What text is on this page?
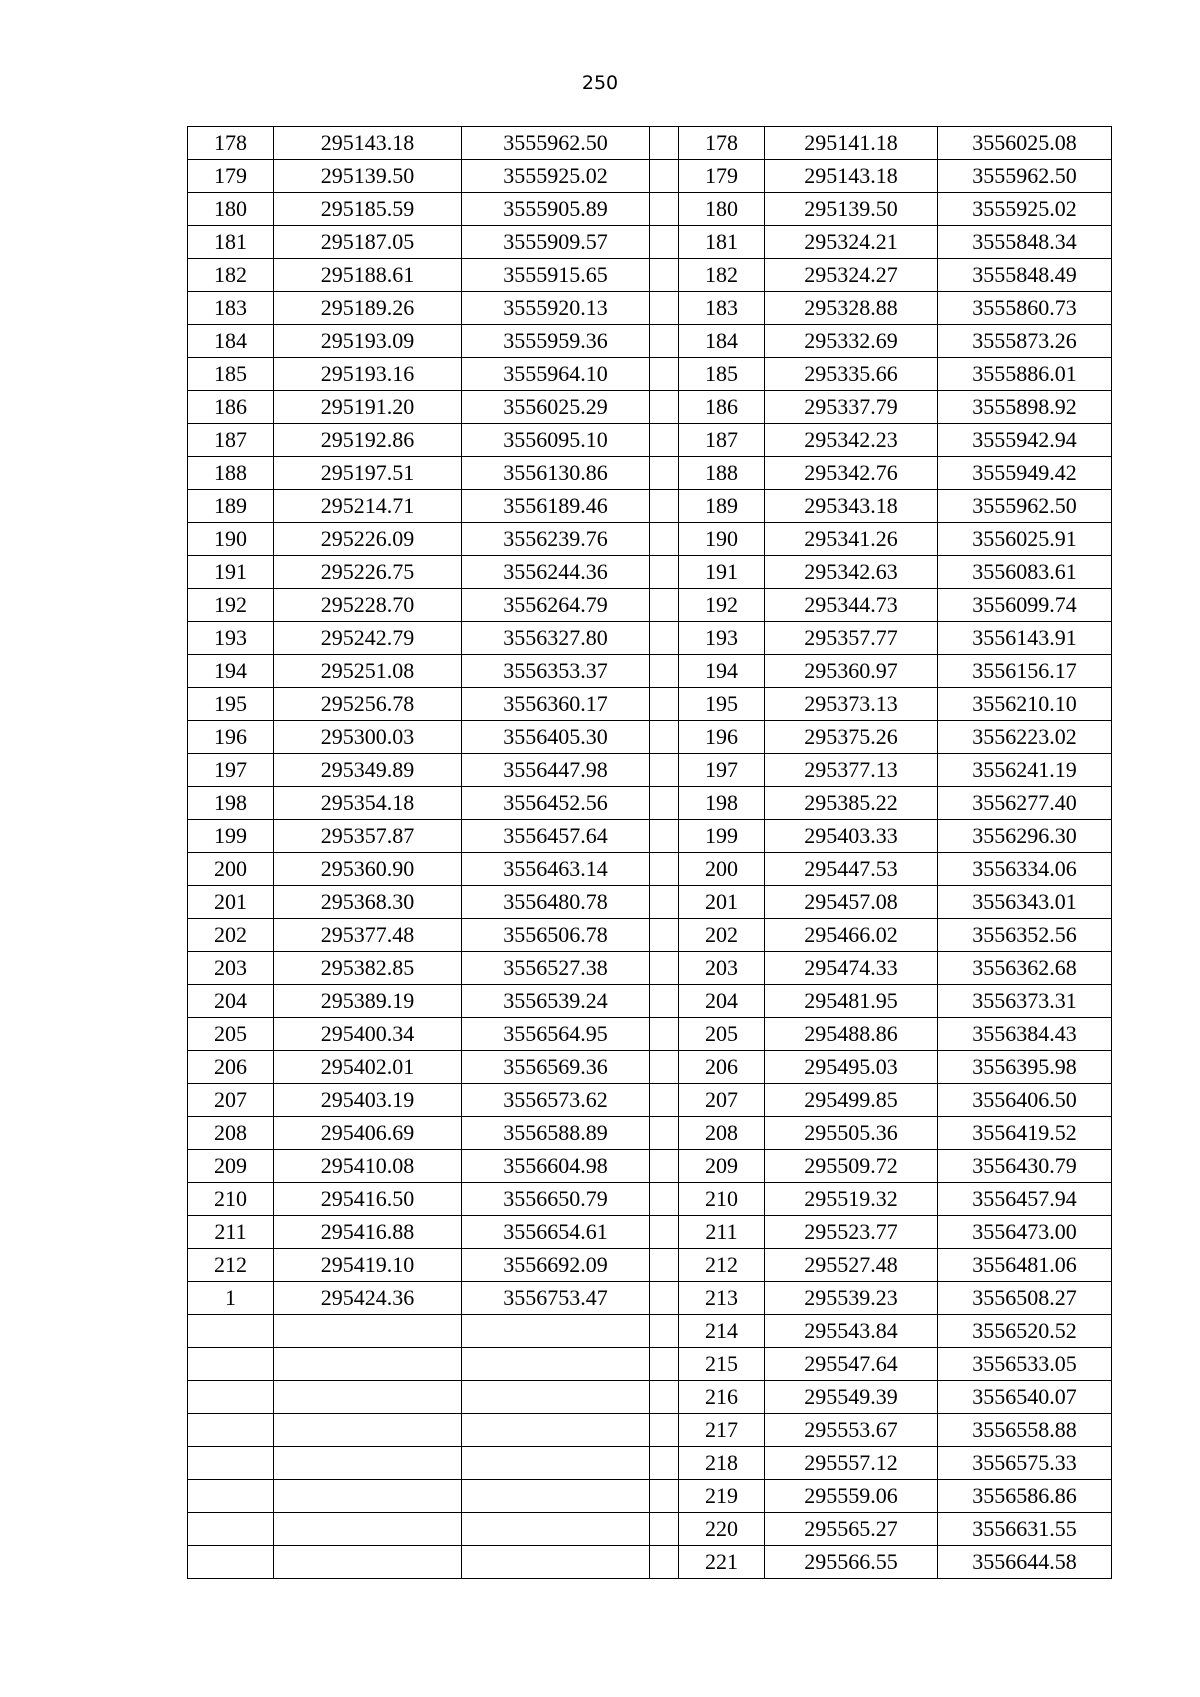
250
178	295143.18	3555962.50		178	295141.18	3556025.08
179	295139.50	3555925.02		179	295143.18	3555962.50
180	295185.59	3555905.89		180	295139.50	3555925.02
181	295187.05	3555909.57		181	295324.21	3555848.34
182	295188.61	3555915.65		182	295324.27	3555848.49
183	295189.26	3555920.13		183	295328.88	3555860.73
184	295193.09	3555959.36		184	295332.69	3555873.26
185	295193.16	3555964.10		185	295335.66	3555886.01
186	295191.20	3556025.29		186	295337.79	3555898.92
187	295192.86	3556095.10		187	295342.23	3555942.94
188	295197.51	3556130.86		188	295342.76	3555949.42
189	295214.71	3556189.46		189	295343.18	3555962.50
190	295226.09	3556239.76		190	295341.26	3556025.91
191	295226.75	3556244.36		191	295342.63	3556083.61
192	295228.70	3556264.79		192	295344.73	3556099.74
193	295242.79	3556327.80		193	295357.77	3556143.91
194	295251.08	3556353.37		194	295360.97	3556156.17
195	295256.78	3556360.17		195	295373.13	3556210.10
196	295300.03	3556405.30		196	295375.26	3556223.02
197	295349.89	3556447.98		197	295377.13	3556241.19
198	295354.18	3556452.56		198	295385.22	3556277.40
199	295357.87	3556457.64		199	295403.33	3556296.30
200	295360.90	3556463.14		200	295447.53	3556334.06
201	295368.30	3556480.78		201	295457.08	3556343.01
202	295377.48	3556506.78		202	295466.02	3556352.56
203	295382.85	3556527.38		203	295474.33	3556362.68
204	295389.19	3556539.24		204	295481.95	3556373.31
205	295400.34	3556564.95		205	295488.86	3556384.43
206	295402.01	3556569.36		206	295495.03	3556395.98
207	295403.19	3556573.62		207	295499.85	3556406.50
208	295406.69	3556588.89		208	295505.36	3556419.52
209	295410.08	3556604.98		209	295509.72	3556430.79
210	295416.50	3556650.79		210	295519.32	3556457.94
211	295416.88	3556654.61		211	295523.77	3556473.00
212	295419.10	3556692.09		212	295527.48	3556481.06
1	295424.36	3556753.47		213	295539.23	3556508.27
				214	295543.84	3556520.52
				215	295547.64	3556533.05
				216	295549.39	3556540.07
				217	295553.67	3556558.88
				218	295557.12	3556575.33
				219	295559.06	3556586.86
				220	295565.27	3556631.55
				221	295566.55	3556644.58
